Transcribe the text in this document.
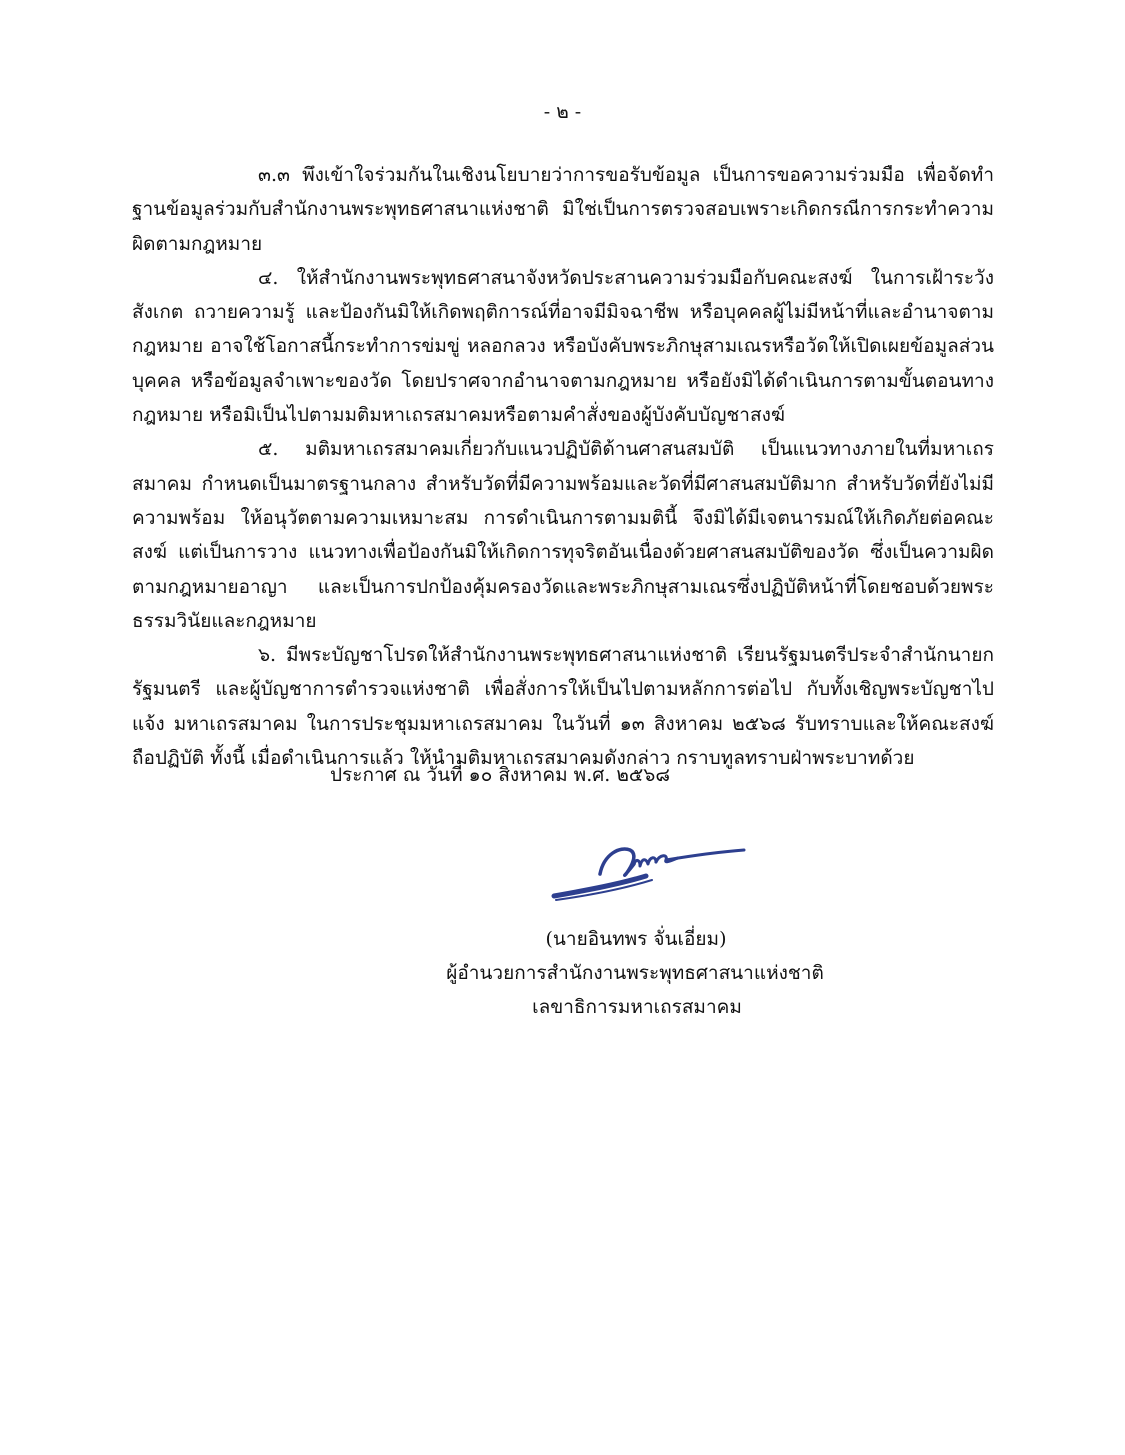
- ๒ -

๓.๓ พึงเข้าใจร่วมกันในเชิงนโยบายว่าการขอรับข้อมูล เป็นการขอความร่วมมือ เพื่อจัดทำฐานข้อมูลร่วมกับสำนักงานพระพุทธศาสนาแห่งชาติ มิใช่เป็นการตรวจสอบเพราะเกิดกรณีการกระทำความผิดตามกฎหมาย

๔. ให้สำนักงานพระพุทธศาสนาจังหวัดประสานความร่วมมือกับคณะสงฆ์ ในการเฝ้าระวังสังเกต ถวายความรู้ และป้องกันมิให้เกิดพฤติการณ์ที่อาจมีมิจฉาชีพ หรือบุคคลผู้ไม่มีหน้าที่และอำนาจตามกฎหมาย อาจใช้โอกาสนี้กระทำการข่มขู่ หลอกลวง หรือบังคับพระภิกษุสามเณรหรือวัดให้เปิดเผยข้อมูลส่วนบุคคล หรือข้อมูลจำเพาะของวัด โดยปราศจากอำนาจตามกฎหมาย หรือยังมิได้ดำเนินการตามขั้นตอนทางกฎหมาย หรือมิเป็นไปตามมติมหาเถรสมาคมหรือตามคำสั่งของผู้บังคับบัญชาสงฆ์

๕. มติมหาเถรสมาคมเกี่ยวกับแนวปฏิบัติด้านศาสนสมบัติ เป็นแนวทางภายในที่มหาเถรสมาคม กำหนดเป็นมาตรฐานกลาง สำหรับวัดที่มีความพร้อมและวัดที่มีศาสนสมบัติมาก สำหรับวัดที่ยังไม่มีความพร้อม ให้อนุวัตตามความเหมาะสม การดำเนินการตามมตินี้ จึงมิได้มีเจตนารมณ์ให้เกิดภัยต่อคณะสงฆ์ แต่เป็นการวาง แนวทางเพื่อป้องกันมิให้เกิดการทุจริตอันเนื่องด้วยศาสนสมบัติของวัด ซึ่งเป็นความผิดตามกฎหมายอาญา และเป็นการปกป้องคุ้มครองวัดและพระภิกษุสามเณรซึ่งปฏิบัติหน้าที่โดยชอบด้วยพระธรรมวินัยและกฎหมาย

๖. มีพระบัญชาโปรดให้สำนักงานพระพุทธศาสนาแห่งชาติ เรียนรัฐมนตรีประจำสำนักนายกรัฐมนตรี และผู้บัญชาการตำรวจแห่งชาติ เพื่อสั่งการให้เป็นไปตามหลักการต่อไป กับทั้งเชิญพระบัญชาไปแจ้ง มหาเถรสมาคม ในการประชุมมหาเถรสมาคม ในวันที่ ๑๓ สิงหาคม ๒๕๖๘ รับทราบและให้คณะสงฆ์ ถือปฏิบัติ ทั้งนี้ เมื่อดำเนินการแล้ว ให้นำมติมหาเถรสมาคมดังกล่าว กราบทูลทราบฝ่าพระบาทด้วย

ประกาศ ณ วันที่ ๑๐ สิงหาคม พ.ศ. ๒๕๖๘
(นายอินทพร จั่นเอี่ยม)
ผู้อำนวยการสำนักงานพระพุทธศาสนาแห่งชาติ
เลขาธิการมหาเถรสมาคม
